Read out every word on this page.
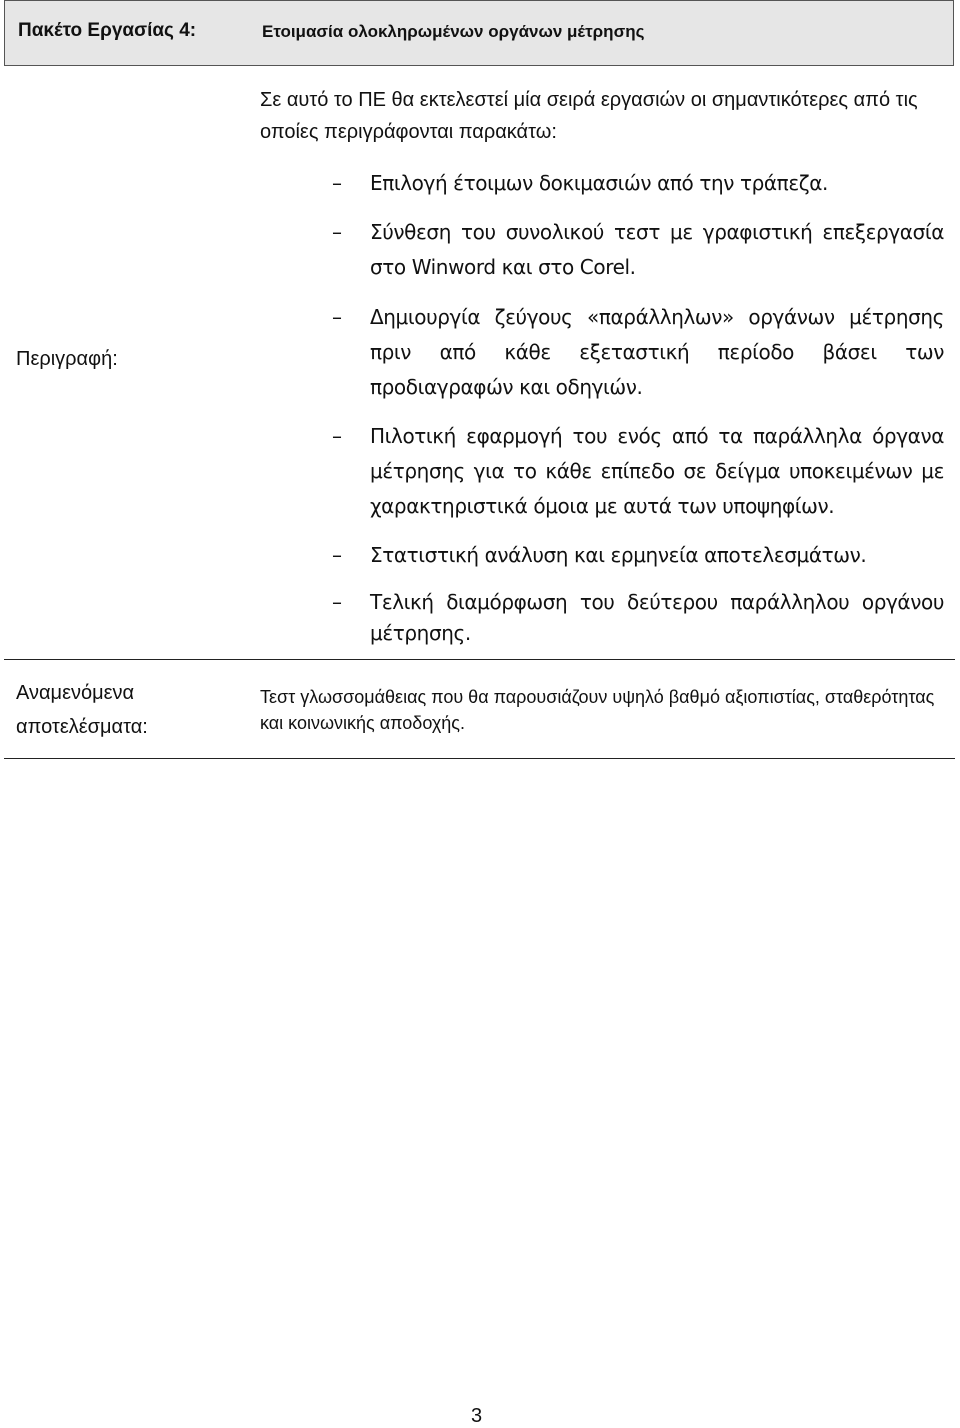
Πακέτο Εργασίας 4:	Ετοιμασία ολοκληρωμένων οργάνων μέτρησης
Περιγραφή:
Σε αυτό το ΠΕ θα εκτελεστεί μία σειρά εργασιών οι σημαντικότερες από τις οποίες περιγράφονται παρακάτω:
– Επιλογή έτοιμων δοκιμασιών από την τράπεζα.
– Σύνθεση του συνολικού τεστ με γραφιστική επεξεργασία στο Winword και στο Corel.
– Δημιουργία ζεύγους «παράλληλων» οργάνων μέτρησης πριν από κάθε εξεταστική περίοδο βάσει των προδιαγραφών και οδηγιών.
– Πιλοτική εφαρμογή του ενός από τα παράλληλα όργανα μέτρησης για το κάθε επίπεδο σε δείγμα υποκειμένων με χαρακτηριστικά όμοια με αυτά των υποψηφίων.
– Στατιστική ανάλυση και ερμηνεία αποτελεσμάτων.
– Τελική διαμόρφωση του δεύτερου παράλληλου οργάνου μέτρησης.
Αναμενόμενα αποτελέσματα:
Τεστ γλωσσομάθειας που θα παρουσιάζουν υψηλό βαθμό αξιοπιστίας, σταθερότητας και κοινωνικής αποδοχής.
3
